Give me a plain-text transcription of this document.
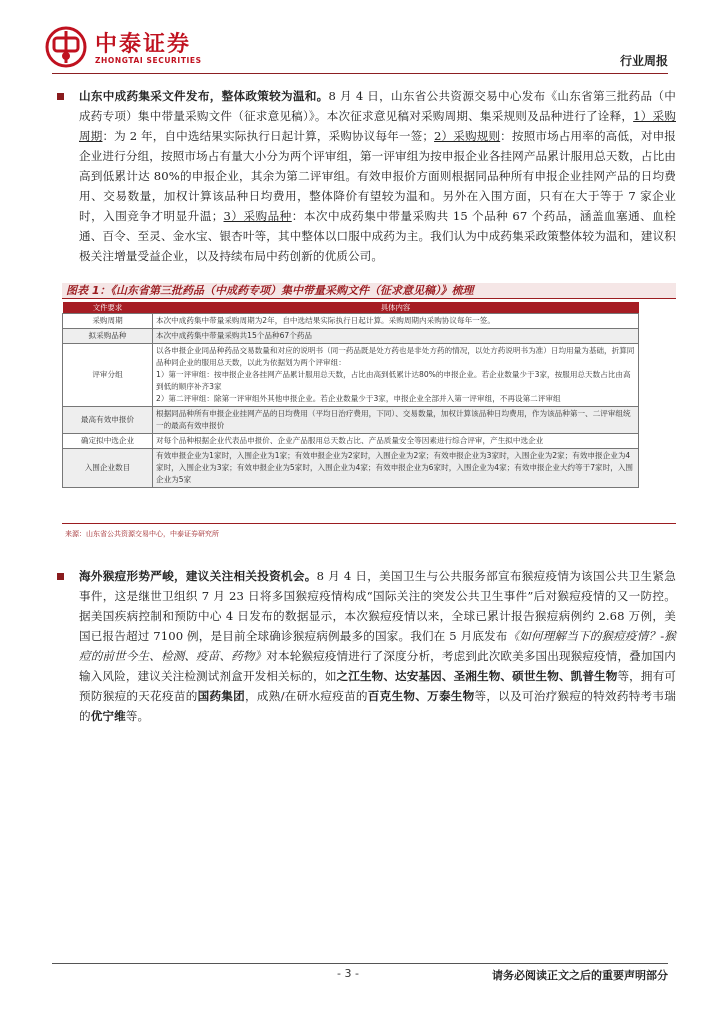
中泰证券
ZHONGTAI SECURITIES	行业周报
山东中成药集采文件发布，整体政策较为温和。8 月 4 日，山东省公共资源交易中心发布《山东省第三批药品（中成药专项）集中带量采购文件（征求意见稿）》。本次征求意见稿对采购周期、集采规则及品种进行了诠释，1）采购周期：为 2 年，自中选结果实际执行日起计算，采购协议每年一签；2）采购规则：按照市场占用率的高低，对申报企业进行分组，按照市场占有量大小分为两个评审组，第一评审组为按申报企业各挂网产品累计服用总天数，占比由高到低累计达 80%的申报企业，其余为第二评审组。有效申报价方面则根据同品种所有申报企业挂网产品的日均费用、交易数量，加权计算该品种日均费用，整体降价有望较为温和。另外在入围方面，只有在大于等于 7 家企业时，入围竞争才明显升温；3）采购品种：本次中成药集中带量采购共 15 个品种 67 个药品，涵盖血塞通、血栓通、百令、至灵、金水宝、银杏叶等，其中整体以口服中成药为主。我们认为中成药集采政策整体较为温和，建议积极关注增量受益企业，以及持续布局中药创新的优质公司。
图表 1：《山东省第三批药品（中成药专项）集中带量采购文件（征求意见稿）》梳理
文件要求	具体内容
采购周期	本次中成药集中带量采购周期为2年，自中选结果实际执行日起计算。采购周期内采购协议每年一签。

拟采购品种	本次中成药集中带量采购共15个品种67个药品

评审分组	以各申报企业同品种药品交易数量和对应的说明书（同一药品既是处方药也是非处方药的情况，以处方药说明书为准）日均用量为基础，折算同品种同企业的服用总天数，以此为依据划为两个评审组：
1）第一评审组：按申报企业各挂网产品累计服用总天数，占比由高到低累计达80%的申报企业。若企业数量少于3家，按服用总天数占比由高到低的顺序补齐3家
2）第二评审组：除第一评审组外其他申报企业。若企业数量少于3家，申报企业全部并入第一评审组，不再设第二评审组

最高有效申报价	根据同品种所有申报企业挂网产品的日均费用（平均日治疗费用，下同）、交易数量，加权计算该品种日均费用，作为该品种第一、二评审组统一的最高有效申报价

确定拟中选企业	对每个品种根据企业代表品申报价、企业产品服用总天数占比、产品质量安全等因素进行综合评审，产生拟中选企业

入围企业数目	有效申报企业为1家时，入围企业为1家；有效申报企业为2家时，入围企业为2家；有效申报企业为3家时，入围企业为2家；有效申报企业为4家时，入围企业为3家；有效申报企业为5家时，入围企业为4家；有效申报企业为6家时，入围企业为4家；有效申报企业大约等于7家时，入围企业为5家
来源：山东省公共资源交易中心，中泰证券研究所
海外猴痘形势严峻，建议关注相关投资机会。8 月 4 日，美国卫生与公共服务部宣布猴痘疫情为该国公共卫生紧急事件，这是继世卫组织 7 月 23 日将多国猴痘疫情构成“国际关注的突发公共卫生事件”后对猴痘疫情的又一防控。据美国疾病控制和预防中心 4 日发布的数据显示，本次猴痘疫情以来，全球已累计报告猴痘病例约 2.68 万例，美国已报告超过 7100 例，是目前全球确诊猴痘病例最多的国家。我们在 5 月底发布《如何理解当下的猴痘疫情？-猴痘的前世今生、检测、疫苗、药物》对本轮猴痘疫情进行了深度分析，考虑到此次欧美多国出现猴痘疫情，叠加国内输入风险，建议关注检测试剂盒开发相关标的，如之江生物、达安基因、圣湘生物、硕世生物、凯普生物等，拥有可预防猴痘的天花疫苗的国药集团，成熟/在研水痘疫苗的百克生物、万泰生物等，以及可治疗猴痘的特效药特考韦瑞的优宁维等。
- 3 -	请务必阅读正文之后的重要声明部分
